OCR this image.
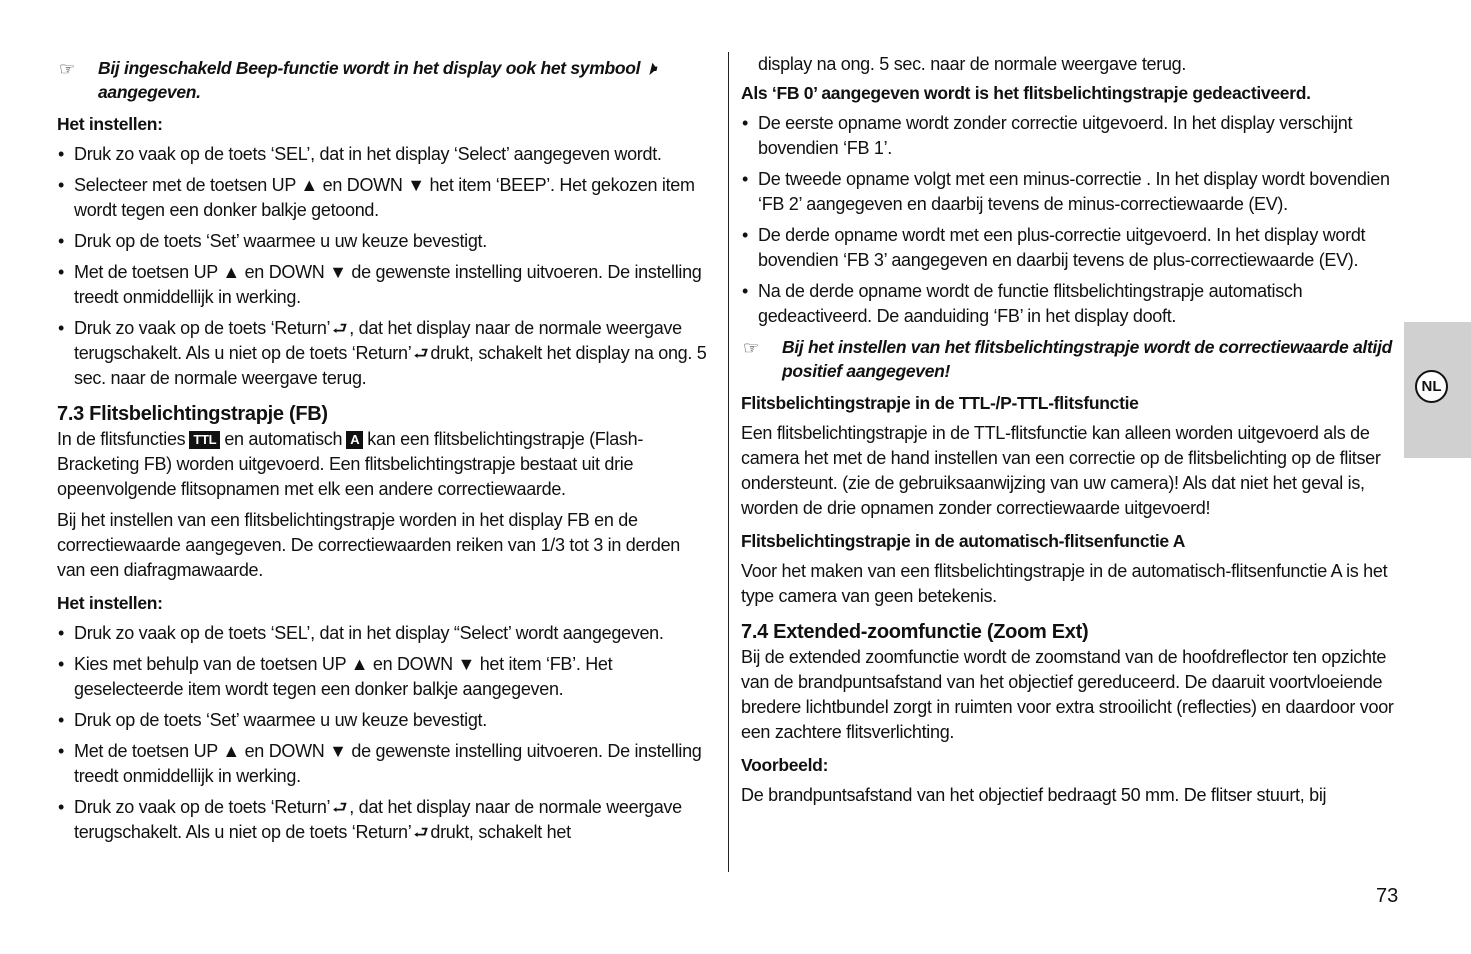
☞ Bij ingeschakeld Beep-functie wordt in het display ook het symbool 🕨 aangegeven.

Het instellen:

• Druk zo vaak op de toets ‘SEL’, dat in het display ‘Select’ aangegeven wordt.

• Selecteer met de toetsen UP ▲ en DOWN ▼ het item ‘BEEP’. Het gekozen item wordt tegen een donker balkje getoond.

• Druk op de toets ‘Set’ waarmee u uw keuze bevestigt.

• Met de toetsen UP ▲ en DOWN ▼ de gewenste instelling uitvoeren. De instelling treedt onmiddellijk in werking.

• Druk zo vaak op de toets ‘Return’ ⮐ , dat het display naar de normale weergave terugschakelt. Als u niet op de toets ‘Return’ ⮐ drukt, schakelt het display na ong. 5 sec. naar de normale weergave terug.

7.3 Flitsbelichtingstrapje (FB)

In de flitsfuncties TTL en automatisch A kan een flitsbelichtingstrapje (Flash-Bracketing FB) worden uitgevoerd. Een flitsbelichtingstrapje bestaat uit drie opeenvolgende flitsopnamen met elk een andere correctiewaarde.

Bij het instellen van een flitsbelichtingstrapje worden in het display FB en de correctiewaarde aangegeven. De correctiewaarden reiken van 1/3 tot 3 in derden van een diafragmawaarde.

Het instellen:

• Druk zo vaak op de toets ‘SEL’, dat in het display “Select’ wordt aangegeven.

• Kies met behulp van de toetsen UP ▲ en DOWN ▼ het item ‘FB’. Het geselecteerde item wordt tegen een donker balkje aangegeven.

• Druk op de toets ‘Set’ waarmee u uw keuze bevestigt.

• Met de toetsen UP ▲ en DOWN ▼ de gewenste instelling uitvoeren. De instelling treedt onmiddellijk in werking.

• Druk zo vaak op de toets ‘Return’ ⮐ , dat het display naar de normale weergave terugschakelt. Als u niet op de toets ‘Return’ ⮐ drukt, schakelt het

display na ong. 5 sec. naar de normale weergave terug.

Als ‘FB 0’ aangegeven wordt is het flitsbelichtingstrapje gedeactiveerd.

• De eerste opname wordt zonder correctie uitgevoerd. In het display verschijnt bovendien ‘FB 1’.

• De tweede opname volgt met een minus-correctie . In het display wordt bovendien ‘FB 2’ aangegeven en daarbij tevens de minus-correctiewaarde (EV).

• De derde opname wordt met een plus-correctie uitgevoerd. In het display wordt bovendien ‘FB 3’ aangegeven en daarbij tevens de plus-correctiewaarde (EV).

• Na de derde opname wordt de functie flitsbelichtingstrapje automatisch gedeactiveerd. De aanduiding ‘FB’ in het display dooft.

☞ Bij het instellen van het flitsbelichtingstrapje wordt de correctiewaarde altijd positief aangegeven!

Flitsbelichtingstrapje in de TTL-/P-TTL-flitsfunctie

Een flitsbelichtingstrapje in de TTL-flitsfunctie kan alleen worden uitgevoerd als de camera het met de hand instellen van een correctie op de flitsbelichting op de flitser ondersteunt. (zie de gebruiksaanwijzing van uw camera)! Als dat niet het geval is, worden de drie opnamen zonder correctiewaarde uitgevoerd!

Flitsbelichtingstrapje in de automatisch-flitsenfunctie A

Voor het maken van een flitsbelichtingstrapje in de automatisch-flitsenfunctie A is het type camera van geen betekenis.

7.4 Extended-zoomfunctie (Zoom Ext)

Bij de extended zoomfunctie wordt de zoomstand van de hoofdreflector ten opzichte van de brandpuntsafstand van het objectief gereduceerd. De daaruit voortvloeiende bredere lichtbundel zorgt in ruimten voor extra strooilicht (reflecties) en daardoor voor een zachtere flitsverlichting.

Voorbeeld:

De brandpuntsafstand van het objectief bedraagt 50 mm. De flitser stuurt, bij

NL
73
